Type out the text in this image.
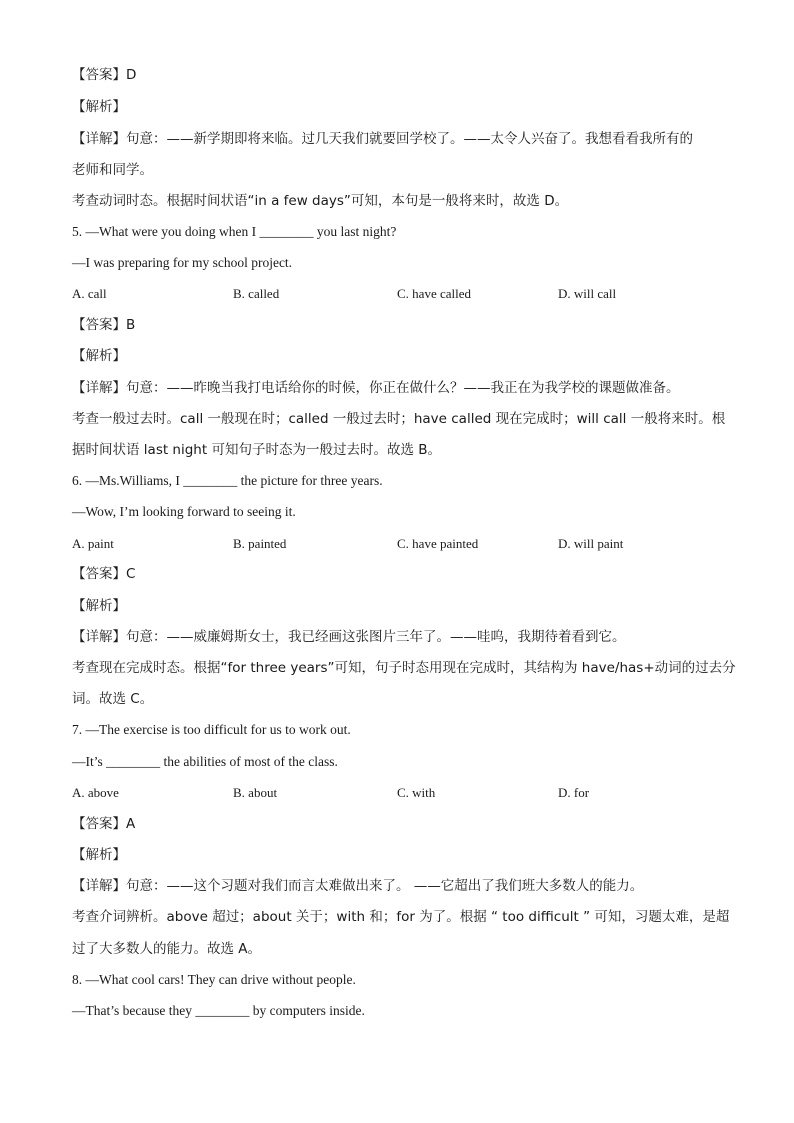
【答案】D
【解析】
【详解】句意：——新学期即将来临。过几天我们就要回学校了。——太令人兴奋了。我想看看我所有的
老师和同学。
考查动词时态。根据时间状语“in a few days”可知，本句是一般将来时，故选 D。
5. —What were you doing when I ________ you last night?
—I was preparing for my school project.
【答案】B
【解析】
【详解】句意：——昨晚当我打电话给你的时候，你正在做什么？——我正在为我学校的课题做准备。
考查一般过去时。call 一般现在时；called 一般过去时；have called 现在完成时；will call 一般将来时。根
据时间状语 last night 可知句子时态为一般过去时。故选 B。
6. —Ms.Williams, I ________ the picture for three years.
—Wow, I’m looking forward to seeing it.
【答案】C
【解析】
【详解】句意：——威廉姆斯女士，我已经画这张图片三年了。——哇呜，我期待着看到它。
考查现在完成时态。根据“for three years”可知，句子时态用现在完成时，其结构为 have/has+动词的过去分
词。故选 C。
7. —The exercise is too difficult for us to work out.
—It’s ________ the abilities of most of the class.
【答案】A
【解析】
【详解】句意：——这个习题对我们而言太难做出来了。 ——它超出了我们班大多数人的能力。
考查介词辨析。above 超过；about 关于；with 和；for 为了。根据 “ too difficult ” 可知，习题太难，是超
过了大多数人的能力。故选 A。
8. —What cool cars! They can drive without people.
—That’s because they ________ by computers inside.
A. call	B. called	C. have called	D. will call
A. paint	B. painted	C. have painted	D. will paint
A. above	B. about	C. with	D. for
